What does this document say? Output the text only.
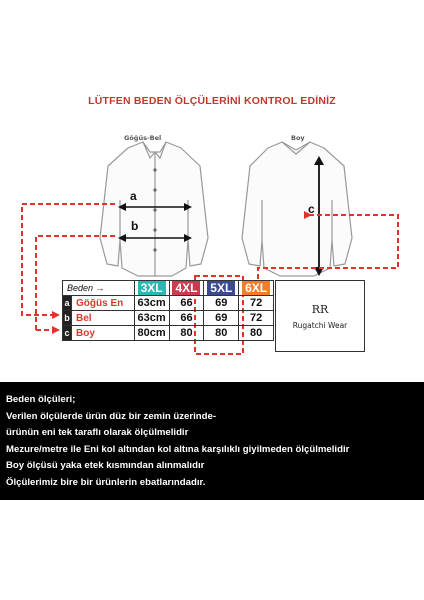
LÜTFEN BEDEN ÖLÇÜLERİNİ KONTROL EDİNİZ
Göğüs-Bel	Boy
a
b
c
Beden →		3XL	4XL	5XL	6XL
a	Göğüs En	63cm	66	69	72
b	Bel	63cm	66	69	72
c	Boy	80cm	80	80	80
RR
Rugatchi Wear

Beden ölçüleri;

Verilen ölçülerde ürün düz bir zemin üzerinde-

ürünün eni tek taraflı olarak ölçülmelidir

Mezure/metre ile Eni kol altından kol altına karşılıklı giyilmeden ölçülmelidir

Boy ölçüsü yaka etek kısmından alınmalıdır

Ölçülerimiz bire bir ürünlerin ebatlarındadır.
